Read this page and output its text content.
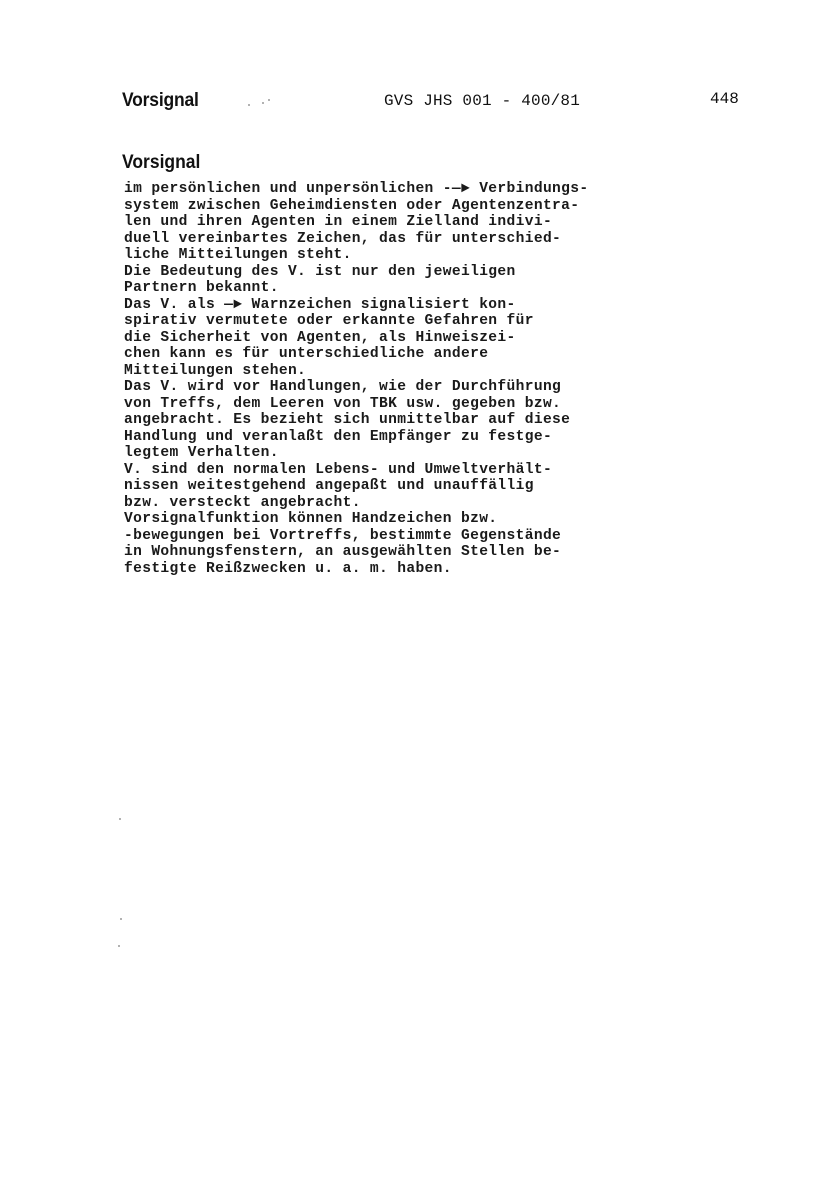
Vorsignal	GVS JHS 001 - 400/81	448
Vorsignal
im persönlichen und unpersönlichen -—► Verbindungs-
system zwischen Geheimdiensten oder Agentenzentra-
len und ihren Agenten in einem Zielland indivi-
duell vereinbartes Zeichen, das für unterschied-
liche Mitteilungen steht.
Die Bedeutung des V. ist nur den jeweiligen
Partnern bekannt.
Das V. als —► Warnzeichen signalisiert kon-
spirativ vermutete oder erkannte Gefahren für
die Sicherheit von Agenten, als Hinweiszei-
chen kann es für unterschiedliche andere
Mitteilungen stehen.
Das V. wird vor Handlungen, wie der Durchführung
von Treffs, dem Leeren von TBK usw. gegeben bzw.
angebracht. Es bezieht sich unmittelbar auf diese
Handlung und veranlaßt den Empfänger zu festge-
legtem Verhalten.
V. sind den normalen Lebens- und Umweltverhält-
nissen weitestgehend angepaßt und unauffällig
bzw. versteckt angebracht.
Vorsignalfunktion können Handzeichen bzw.
-bewegungen bei Vortreffs, bestimmte Gegenstände
in Wohnungsfenstern, an ausgewählten Stellen be-
festigte Reißzwecken u. a. m. haben.
